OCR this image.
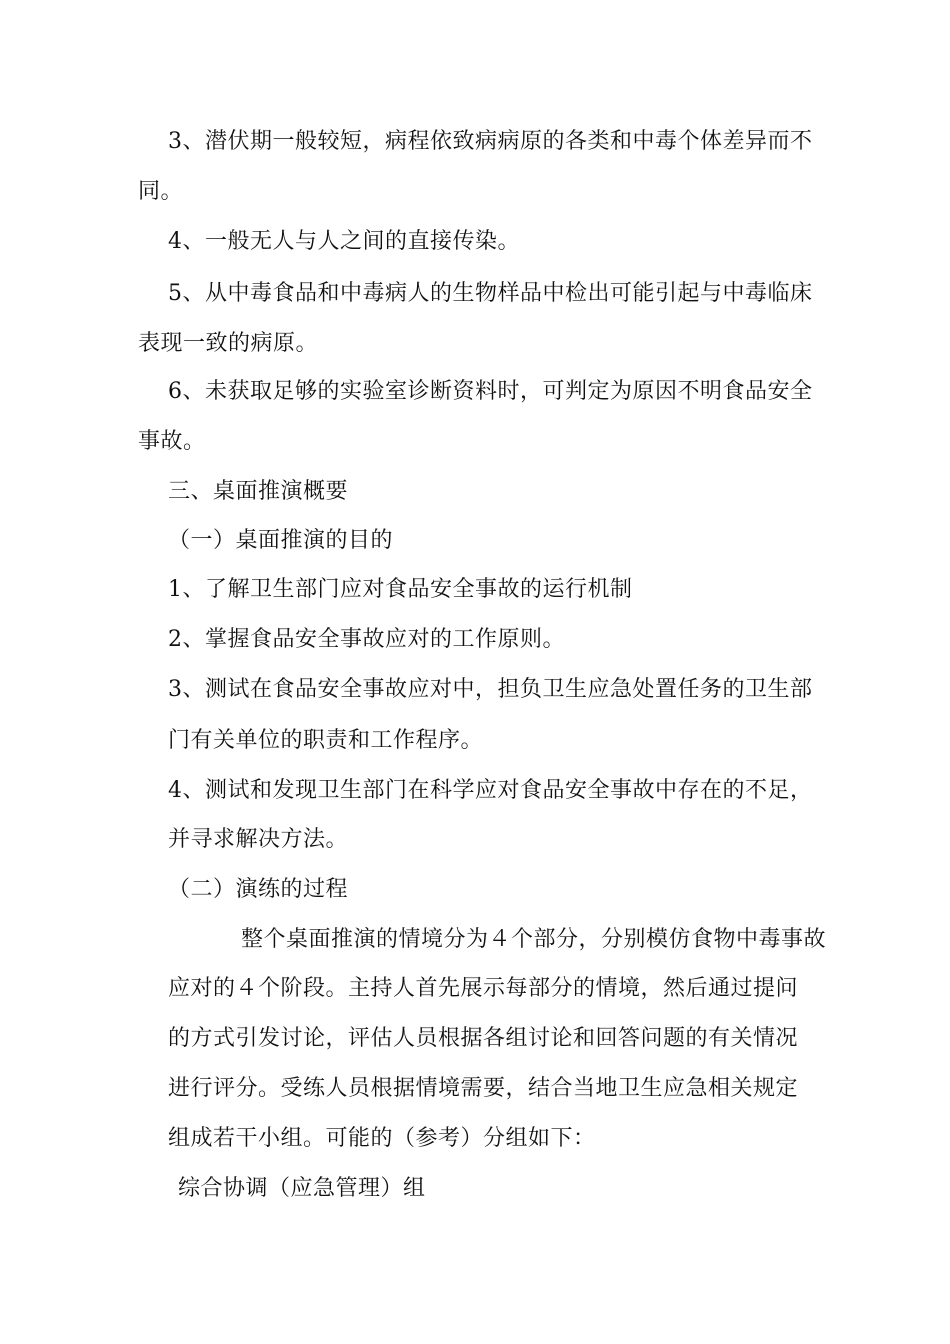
3、潜伏期一般较短，病程依致病病原的各类和中毒个体差异而不
同。
4、一般无人与人之间的直接传染。
5、从中毒食品和中毒病人的生物样品中检出可能引起与中毒临床
表现一致的病原。
6、未获取足够的实验室诊断资料时，可判定为原因不明食品安全
事故。
三、桌面推演概要
（一）桌面推演的目的
1、了解卫生部门应对食品安全事故的运行机制
2、掌握食品安全事故应对的工作原则。
3、测试在食品安全事故应对中，担负卫生应急处置任务的卫生部
门有关单位的职责和工作程序。
4、测试和发现卫生部门在科学应对食品安全事故中存在的不足，
并寻求解决方法。
（二）演练的过程
整个桌面推演的情境分为４个部分，分别模仿食物中毒事故
应对的４个阶段。主持人首先展示每部分的情境，然后通过提问
的方式引发讨论，评估人员根据各组讨论和回答问题的有关情况
进行评分。受练人员根据情境需要，结合当地卫生应急相关规定
组成若干小组。可能的（参考）分组如下：
综合协调（应急管理）组
